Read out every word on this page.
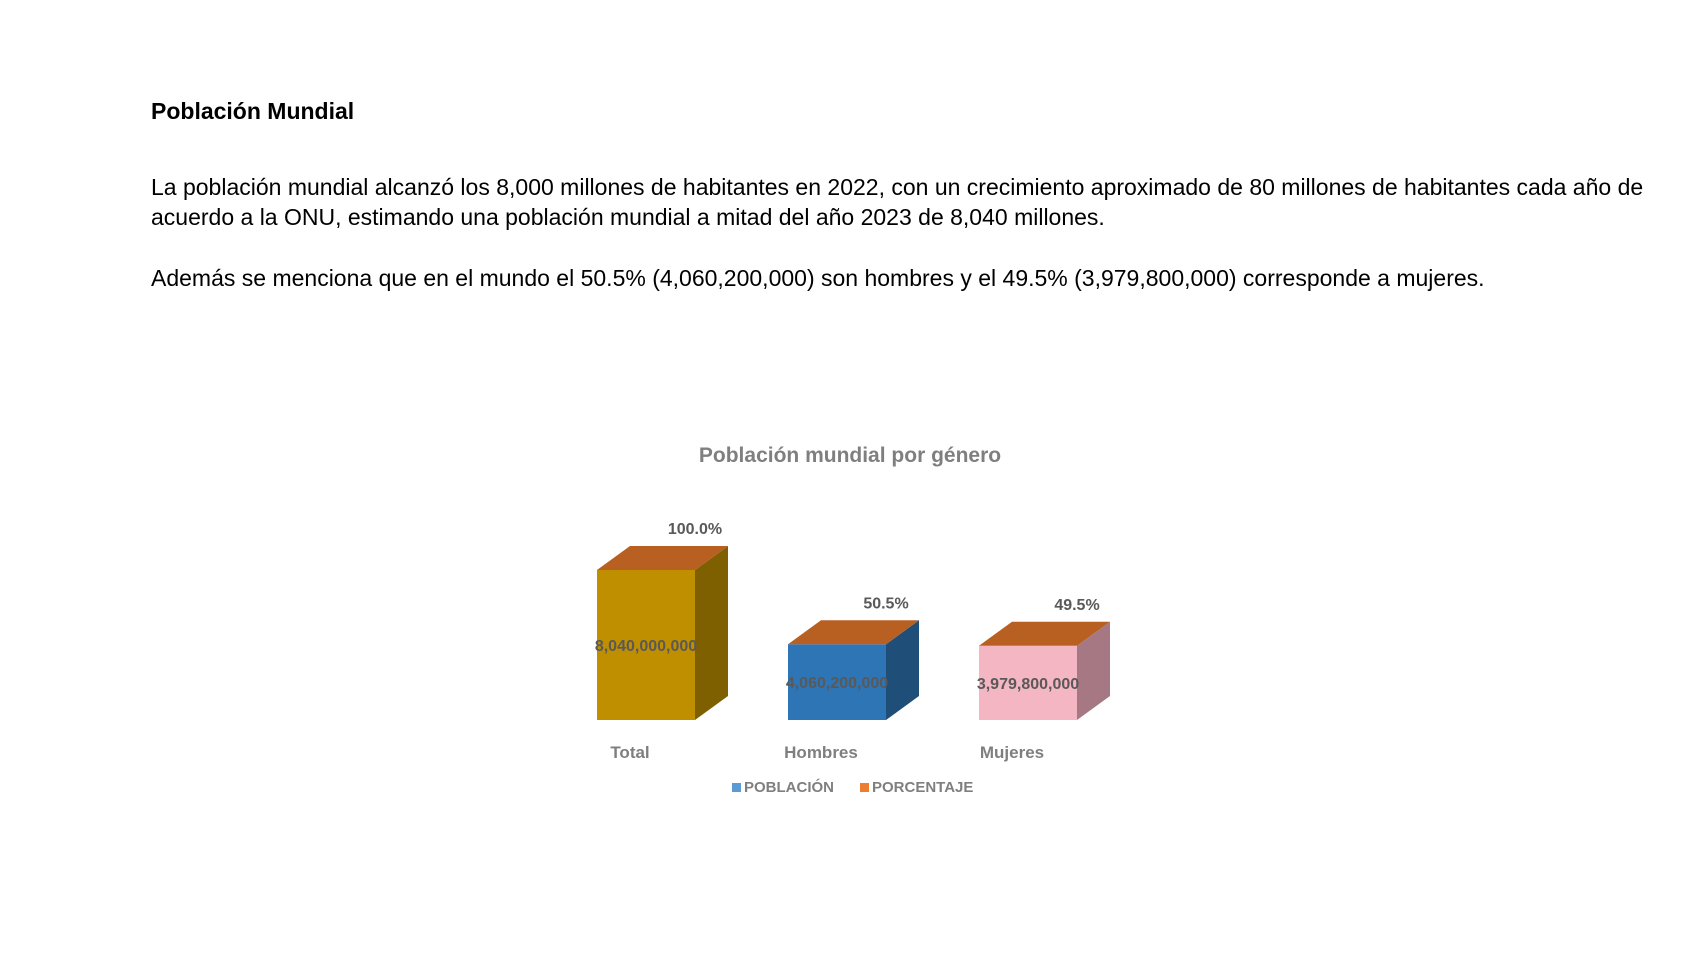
Población Mundial

La población mundial alcanzó los 8,000 millones de habitantes en 2022, con un crecimiento aproximado de 80 millones de habitantes cada año de acuerdo a la ONU, estimando una población mundial a mitad del año 2023 de 8,040 millones.

Además se menciona que en el mundo el 50.5% (4,060,200,000) son hombres y el 49.5% (3,979,800,000) corresponde a mujeres.

Población mundial por género
8,040,000,000
100.0%
Total
4,060,200,000
50.5%
Hombres
3,979,800,000
49.5%
Mujeres
POBLACIÓN	PORCENTAJE
